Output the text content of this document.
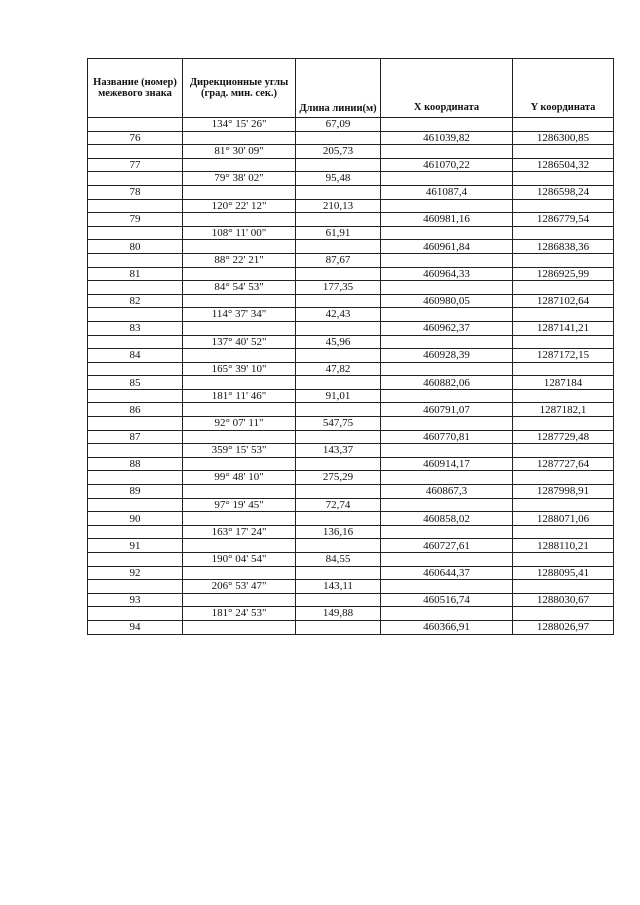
Название (номер) межевого знака	Дирекционные углы (град. мин. сек.)	Длина линии(м)	X координата	Y координата
	134° 15' 26"	67,09		
76			461039,82	1286300,85
	81° 30' 09"	205,73		
77			461070,22	1286504,32
	79° 38' 02"	95,48		
78			461087,4	1286598,24
	120° 22' 12"	210,13		
79			460981,16	1286779,54
	108° 11' 00"	61,91		
80			460961,84	1286838,36
	88° 22' 21"	87,67		
81			460964,33	1286925,99
	84° 54' 53"	177,35		
82			460980,05	1287102,64
	114° 37' 34"	42,43		
83			460962,37	1287141,21
	137° 40' 52"	45,96		
84			460928,39	1287172,15
	165° 39' 10"	47,82		
85			460882,06	1287184
	181° 11' 46"	91,01		
86			460791,07	1287182,1
	92° 07' 11"	547,75		
87			460770,81	1287729,48
	359° 15' 53"	143,37		
88			460914,17	1287727,64
	99° 48' 10"	275,29		
89			460867,3	1287998,91
	97° 19' 45"	72,74		
90			460858,02	1288071,06
	163° 17' 24"	136,16		
91			460727,61	1288110,21
	190° 04' 54"	84,55		
92			460644,37	1288095,41
	206° 53' 47"	143,11		
93			460516,74	1288030,67
	181° 24' 53"	149,88		
94			460366,91	1288026,97
